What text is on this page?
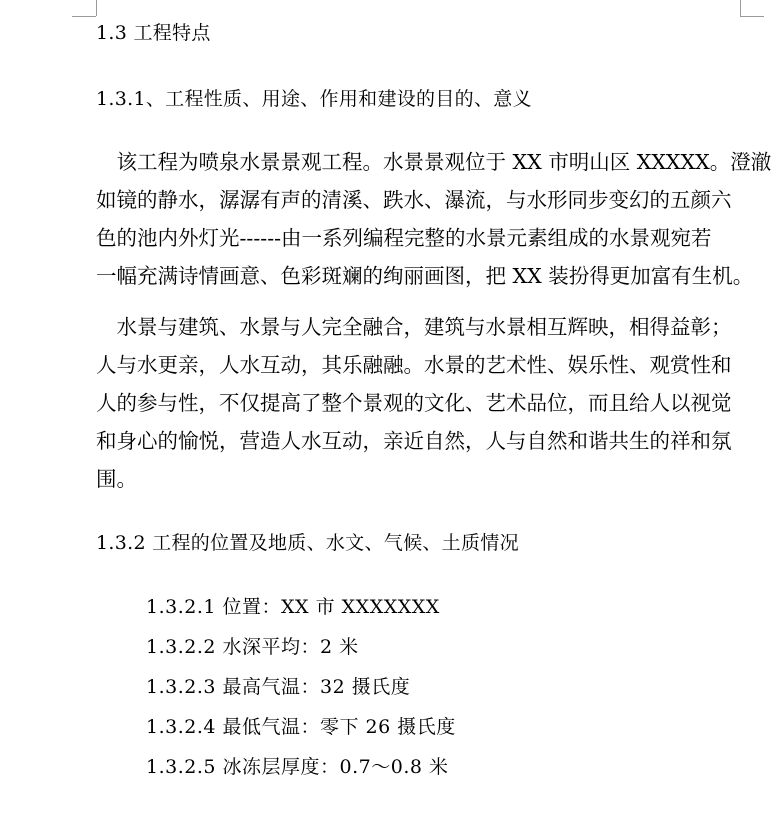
1.3 工程特点
1.3.1、工程性质、用途、作用和建设的目的、意义
　该工程为喷泉水景景观工程。水景景观位于 XX 市明山区 XXXXX。澄澈
如镜的静水，潺潺有声的清溪、跌水、瀑流，与水形同步变幻的五颜六
色的池内外灯光------由一系列编程完整的水景元素组成的水景观宛若
一幅充满诗情画意、色彩斑斓的绚丽画图，把 XX 装扮得更加富有生机。
　水景与建筑、水景与人完全融合，建筑与水景相互辉映，相得益彰；
人与水更亲，人水互动，其乐融融。水景的艺术性、娱乐性、观赏性和
人的参与性，不仅提高了整个景观的文化、艺术品位，而且给人以视觉
和身心的愉悦，营造人水互动，亲近自然，人与自然和谐共生的祥和氛
围。
1.3.2 工程的位置及地质、水文、气候、土质情况
1.3.2.1 位置：XX 市 XXXXXXX
1.3.2.2 水深平均：2 米
1.3.2.3 最高气温：32 摄氏度
1.3.2.4 最低气温：零下 26 摄氏度
1.3.2.5 冰冻层厚度：0.7～0.8 米
